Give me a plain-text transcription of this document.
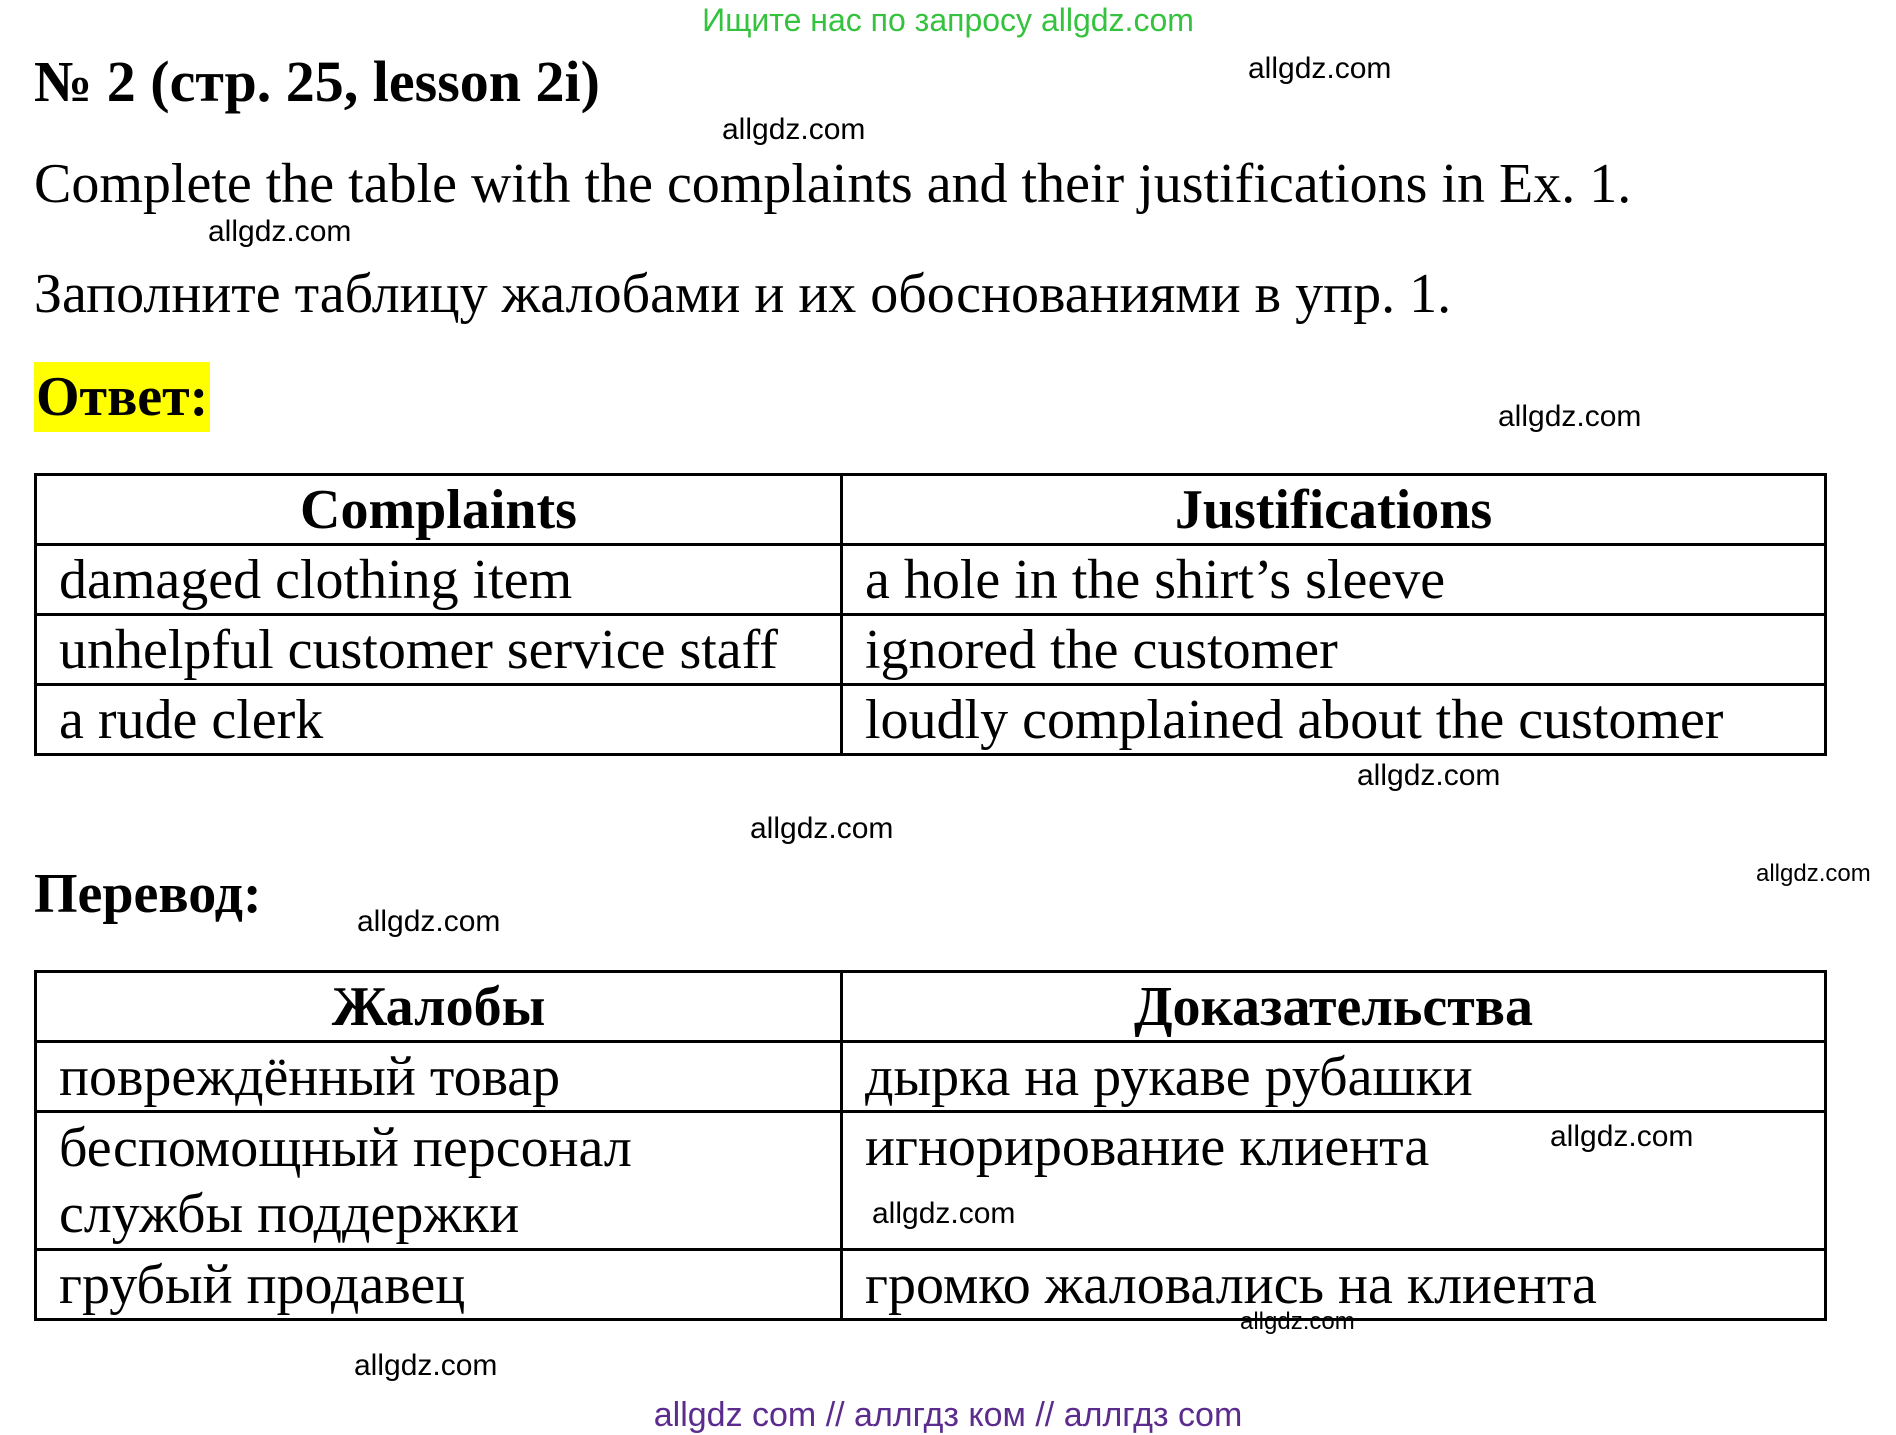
Ищите нас по запросу allgdz.com
№ 2 (стр. 25, lesson 2i)
Complete the table with the complaints and their justifications in Ex. 1.
Заполните таблицу жалобами и их обоснованиями в упр. 1.
Ответ:
Complaints	Justifications
damaged clothing item	a hole in the shirt’s sleeve
unhelpful customer service staff	ignored the customer
a rude clerk	loudly complained about the customer
Перевод:
Жалобы	Доказательства
повреждённый товар	дырка на рукаве рубашки
беспомощный персонал службы поддержки	игнорирование клиента
грубый продавец	громко жаловались на клиента
allgdz.com
allgdz.com
allgdz.com
allgdz.com
allgdz.com
allgdz.com
allgdz.com
allgdz.com
allgdz.com
allgdz.com
allgdz.com
allgdz.com
allgdz com // аллгдз ком // аллгдз com
